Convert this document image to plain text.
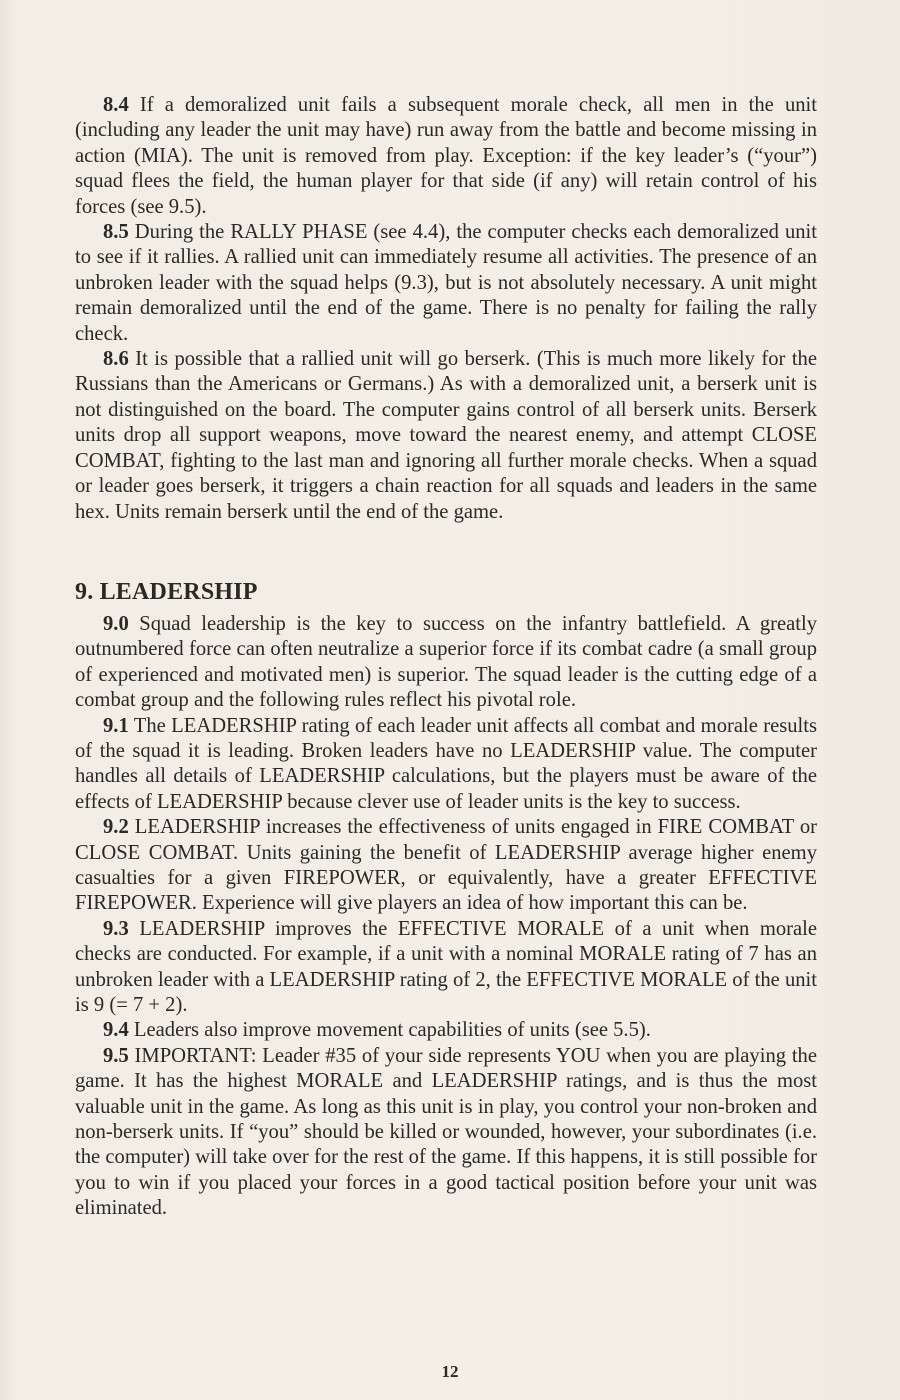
8.4 If a demoralized unit fails a subsequent morale check, all men in the unit (including any leader the unit may have) run away from the battle and become missing in action (MIA). The unit is removed from play. Exception: if the key leader’s (“your”) squad flees the field, the human player for that side (if any) will retain control of his forces (see 9.5).

8.5 During the RALLY PHASE (see 4.4), the computer checks each demoralized unit to see if it rallies. A rallied unit can immediately resume all activities. The presence of an unbroken leader with the squad helps (9.3), but is not absolutely necessary. A unit might remain demoralized until the end of the game. There is no penalty for failing the rally check.

8.6 It is possible that a rallied unit will go berserk. (This is much more likely for the Russians than the Americans or Germans.) As with a demoralized unit, a berserk unit is not distinguished on the board. The computer gains control of all berserk units. Berserk units drop all support weapons, move toward the nearest enemy, and attempt CLOSE COMBAT, fighting to the last man and ignoring all further morale checks. When a squad or leader goes berserk, it triggers a chain reaction for all squads and leaders in the same hex. Units remain berserk until the end of the game.

9. LEADERSHIP

9.0 Squad leadership is the key to success on the infantry battlefield. A greatly outnumbered force can often neutralize a superior force if its combat cadre (a small group of experienced and motivated men) is superior. The squad leader is the cutting edge of a combat group and the following rules reflect his pivotal role.

9.1 The LEADERSHIP rating of each leader unit affects all combat and morale results of the squad it is leading. Broken leaders have no LEADERSHIP value. The computer handles all details of LEADERSHIP calculations, but the players must be aware of the effects of LEADERSHIP because clever use of leader units is the key to success.

9.2 LEADERSHIP increases the effectiveness of units engaged in FIRE COMBAT or CLOSE COMBAT. Units gaining the benefit of LEADERSHIP average higher enemy casualties for a given FIREPOWER, or equivalently, have a greater EFFECTIVE FIREPOWER. Experience will give players an idea of how important this can be.

9.3 LEADERSHIP improves the EFFECTIVE MORALE of a unit when morale checks are conducted. For example, if a unit with a nominal MORALE rating of 7 has an unbroken leader with a LEADERSHIP rating of 2, the EFFECTIVE MORALE of the unit is 9 (= 7 + 2).

9.4 Leaders also improve movement capabilities of units (see 5.5).

9.5 IMPORTANT: Leader #35 of your side represents YOU when you are playing the game. It has the highest MORALE and LEADERSHIP ratings, and is thus the most valuable unit in the game. As long as this unit is in play, you control your non-broken and non-berserk units. If “you” should be killed or wounded, however, your subordinates (i.e. the computer) will take over for the rest of the game. If this happens, it is still possible for you to win if you placed your forces in a good tactical position before your unit was eliminated.

12
